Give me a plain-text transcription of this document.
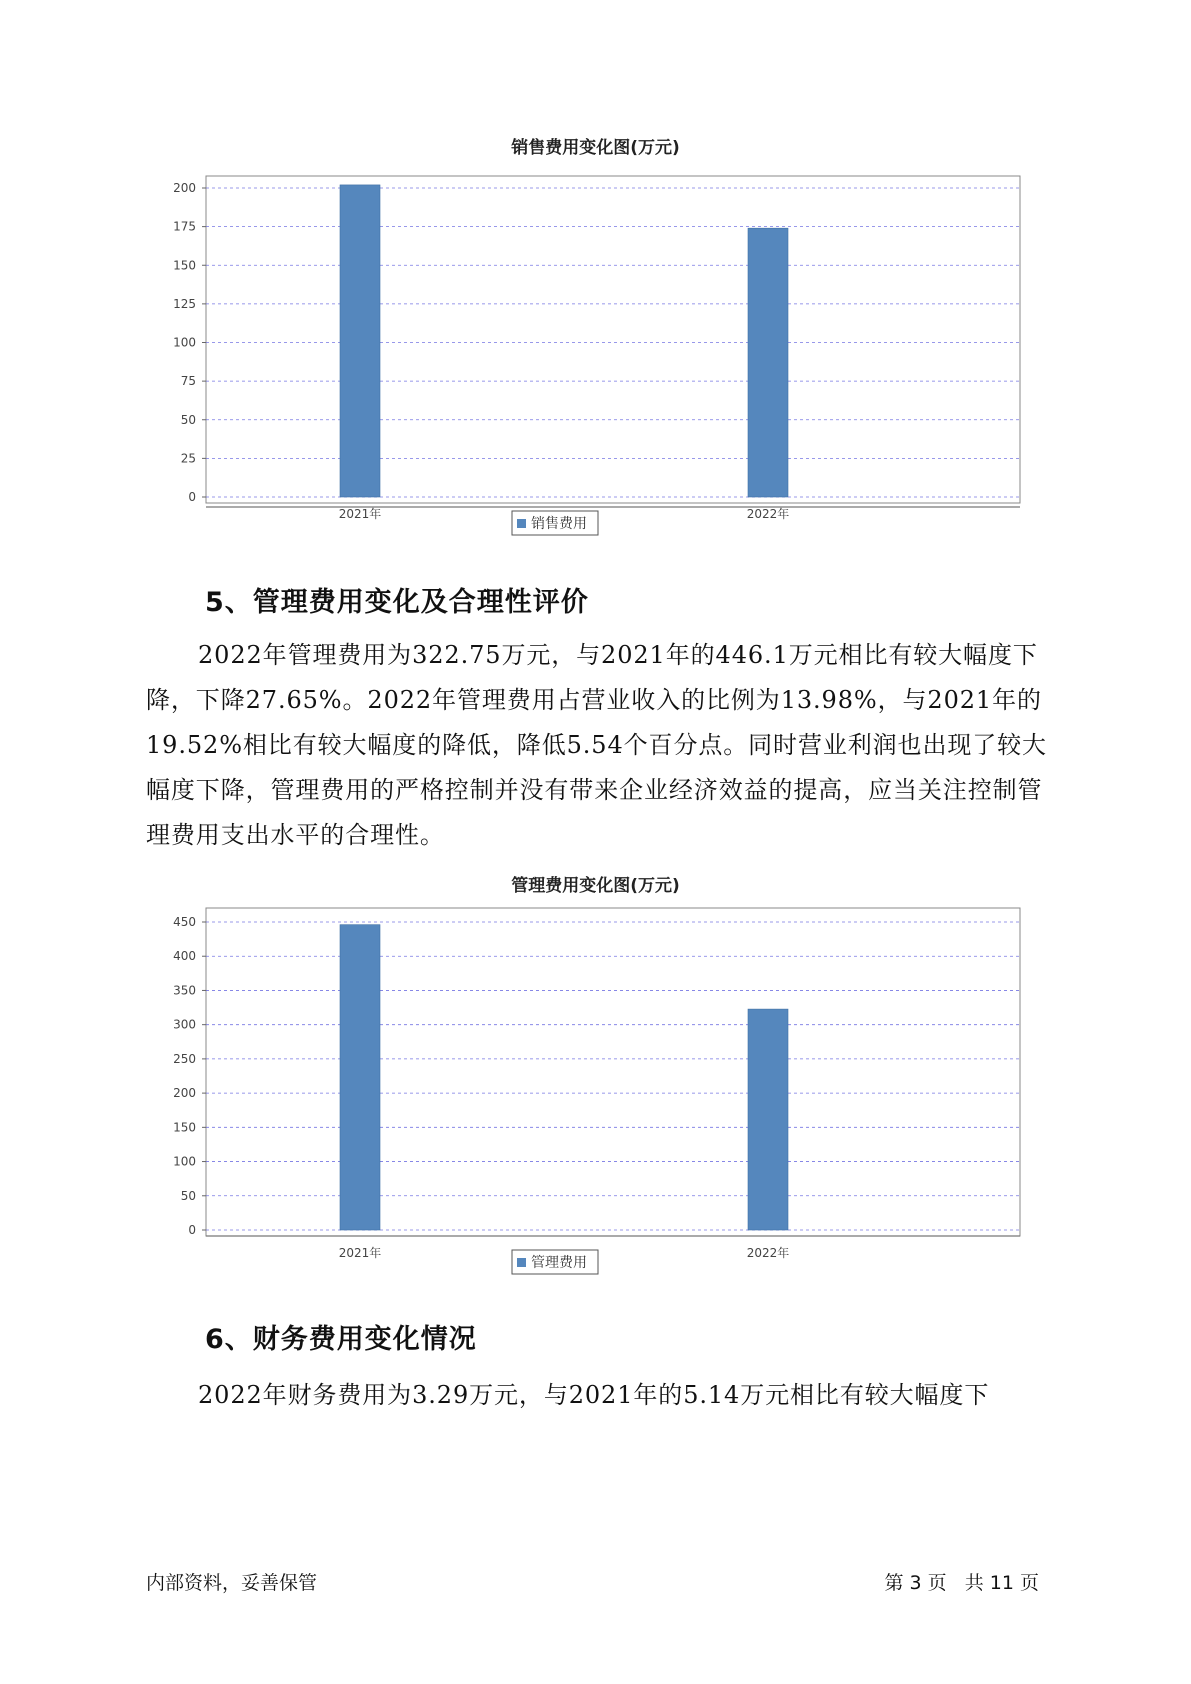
销售费用变化图(万元)
0
25
50
75
100
125
150
175
200
2021年	2022年
销售费用
5、管理费用变化及合理性评价

2022年管理费用为322.75万元，与2021年的446.1万元相比有较大幅度下降，下降27.65%。2022年管理费用占营业收入的比例为13.98%，与2021年的19.52%相比有较大幅度的降低，降低5.54个百分点。同时营业利润也出现了较大幅度下降，管理费用的严格控制并没有带来企业经济效益的提高，应当关注控制管理费用支出水平的合理性。

管理费用变化图(万元)
0
50
100
150
200
250
300
350
400
450
2021年	2022年
管理费用
6、财务费用变化情况

2022年财务费用为3.29万元，与2021年的5.14万元相比有较大幅度下

内部资料，妥善保管	第 3 页   共 11 页
